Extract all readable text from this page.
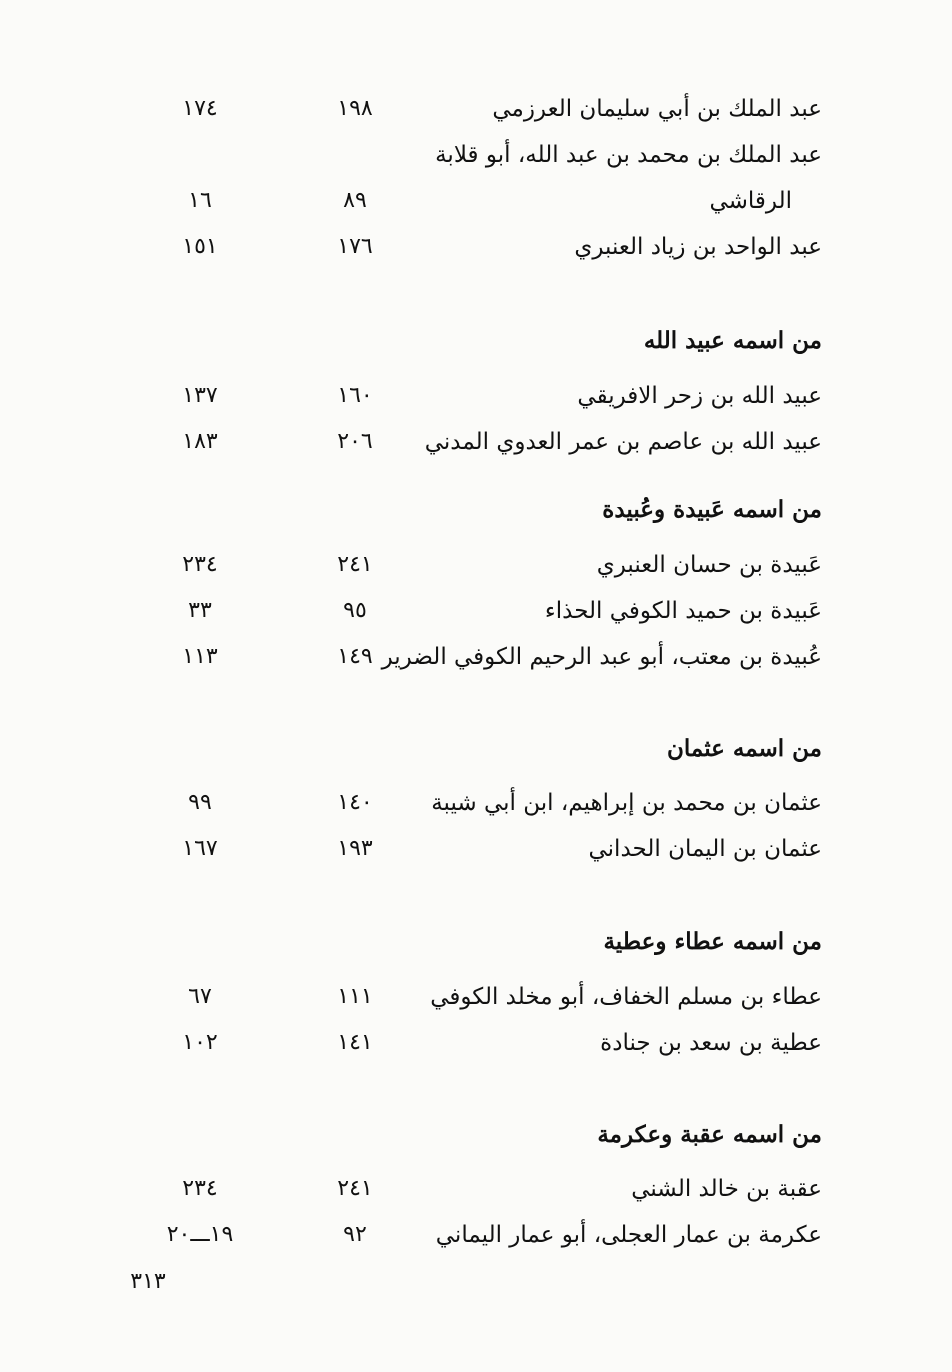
عبد الملك بن أبي سليمان العرزمي
١٩٨
١٧٤
عبد الملك بن محمد بن عبد الله، أبو قلابة
الرقاشي
٨٩
١٦
عبد الواحد بن زياد العنبري
١٧٦
١٥١
من اسمه عبيد الله
عبيد الله بن زحر الافريقي
١٦٠
١٣٧
عبيد الله بن عاصم بن عمر العدوي المدني
٢٠٦
١٨٣
من اسمه عَبيدة وعُبيدة
عَبيدة بن حسان العنبري
٢٤١
٢٣٤
عَبيدة بن حميد الكوفي الحذاء
٩٥
٣٣
عُبيدة بن معتب، أبو عبد الرحيم الكوفي الضرير
١٤٩
١١٣
من اسمه عثمان
عثمان بن محمد بن إبراهيم، ابن أبي شيبة
١٤٠
٩٩
عثمان بن اليمان الحداني
١٩٣
١٦٧
من اسمه عطاء وعطية
عطاء بن مسلم الخفاف، أبو مخلد الكوفي
١١١
٦٧
عطية بن سعد بن جنادة
١٤١
١٠٢
من اسمه عقبة وعكرمة
عقبة بن خالد الشني
٢٤١
٢٣٤
عكرمة بن عمار العجلى، أبو عمار اليماني
٩٢
١٩ـــ٢٠
٣١٣
